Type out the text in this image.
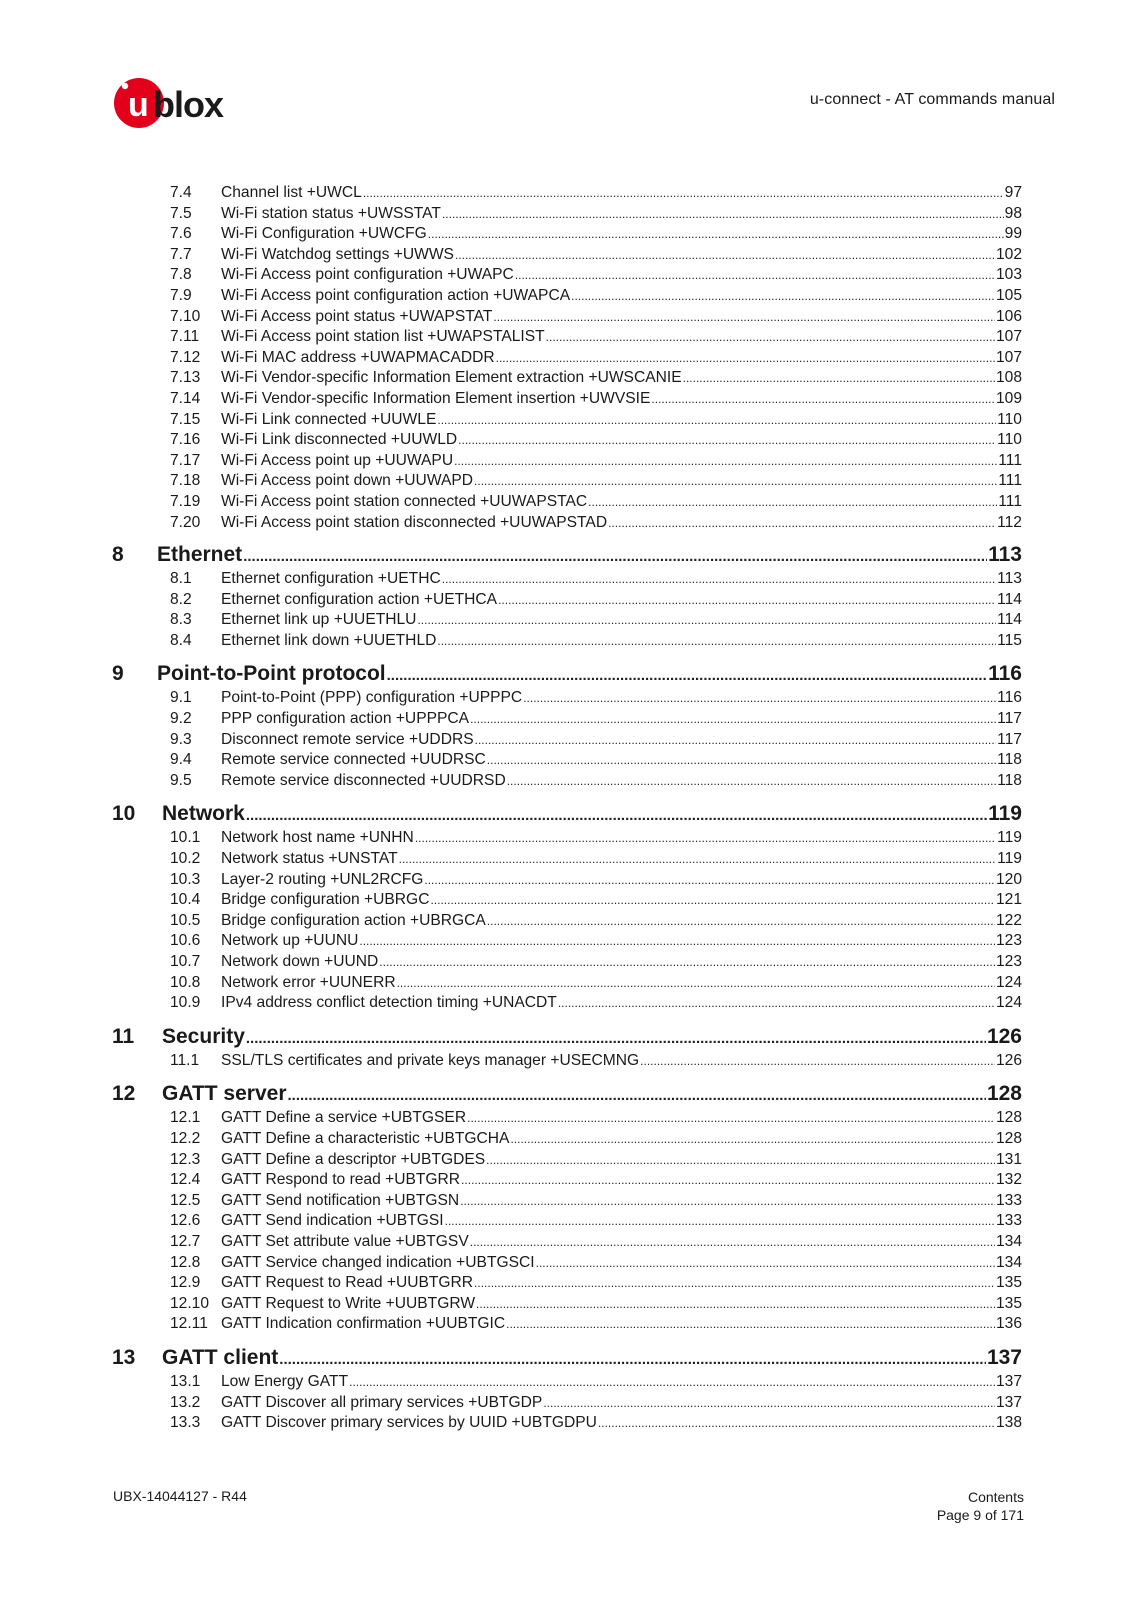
u blox	u-connect - AT commands manual
7.4	Channel list +UWCL .....	97
7.5	Wi-Fi station status +UWSSTAT .....	98
7.6	Wi-Fi Configuration +UWCFG .....	99
7.7	Wi-Fi Watchdog settings +UWWS .....	102
7.8	Wi-Fi Access point configuration +UWAPC .....	103
7.9	Wi-Fi Access point configuration action +UWAPCA .....	105
7.10	Wi-Fi Access point status +UWAPSTAT .....	106
7.11	Wi-Fi Access point station list +UWAPSTALIST .....	107
7.12	Wi-Fi MAC address +UWAPMACADDR .....	107
7.13	Wi-Fi Vendor-specific Information Element extraction +UWSCANIE .....	108
7.14	Wi-Fi Vendor-specific Information Element insertion +UWVSIE .....	109
7.15	Wi-Fi Link connected +UUWLE .....	110
7.16	Wi-Fi Link disconnected +UUWLD .....	110
7.17	Wi-Fi Access point up +UUWAPU .....	111
7.18	Wi-Fi Access point down +UUWAPD .....	111
7.19	Wi-Fi Access point station connected +UUWAPSTAC .....	111
7.20	Wi-Fi Access point station disconnected +UUWAPSTAD .....	112
8	Ethernet .....	113
8.1	Ethernet configuration +UETHC .....	113
8.2	Ethernet configuration action +UETHCA .....	114
8.3	Ethernet link up +UUETHLU .....	114
8.4	Ethernet link down +UUETHLD .....	115
9	Point-to-Point protocol .....	116
9.1	Point-to-Point (PPP) configuration +UPPPC .....	116
9.2	PPP configuration action +UPPPCA .....	117
9.3	Disconnect remote service +UDDRS .....	117
9.4	Remote service connected +UUDRSC .....	118
9.5	Remote service disconnected +UUDRSD .....	118
10	Network .....	119
10.1	Network host name +UNHN .....	119
10.2	Network status +UNSTAT .....	119
10.3	Layer-2 routing +UNL2RCFG .....	120
10.4	Bridge configuration +UBRGC .....	121
10.5	Bridge configuration action +UBRGCA .....	122
10.6	Network up +UUNU .....	123
10.7	Network down +UUND .....	123
10.8	Network error +UUNERR .....	124
10.9	IPv4 address conflict detection timing +UNACDT .....	124
11	Security .....	126
11.1	SSL/TLS certificates and private keys manager +USECMNG .....	126
12	GATT server .....	128
12.1	GATT Define a service +UBTGSER .....	128
12.2	GATT Define a characteristic +UBTGCHA .....	128
12.3	GATT Define a descriptor +UBTGDES .....	131
12.4	GATT Respond to read +UBTGRR .....	132
12.5	GATT Send notification +UBTGSN .....	133
12.6	GATT Send indication +UBTGSI .....	133
12.7	GATT Set attribute value +UBTGSV .....	134
12.8	GATT Service changed indication +UBTGSCI .....	134
12.9	GATT Request to Read +UUBTGRR .....	135
12.10 GATT Request to Write +UUBTGRW .....	135
12.11 GATT Indication confirmation +UUBTGIC .....	136
13	GATT client .....	137
13.1	Low Energy GATT .....	137
13.2	GATT Discover all primary services +UBTGDP .....	137
13.3	GATT Discover primary services by UUID +UBTGDPU .....	138
UBX-14044127 - R44	Contents
Page 9 of 171
